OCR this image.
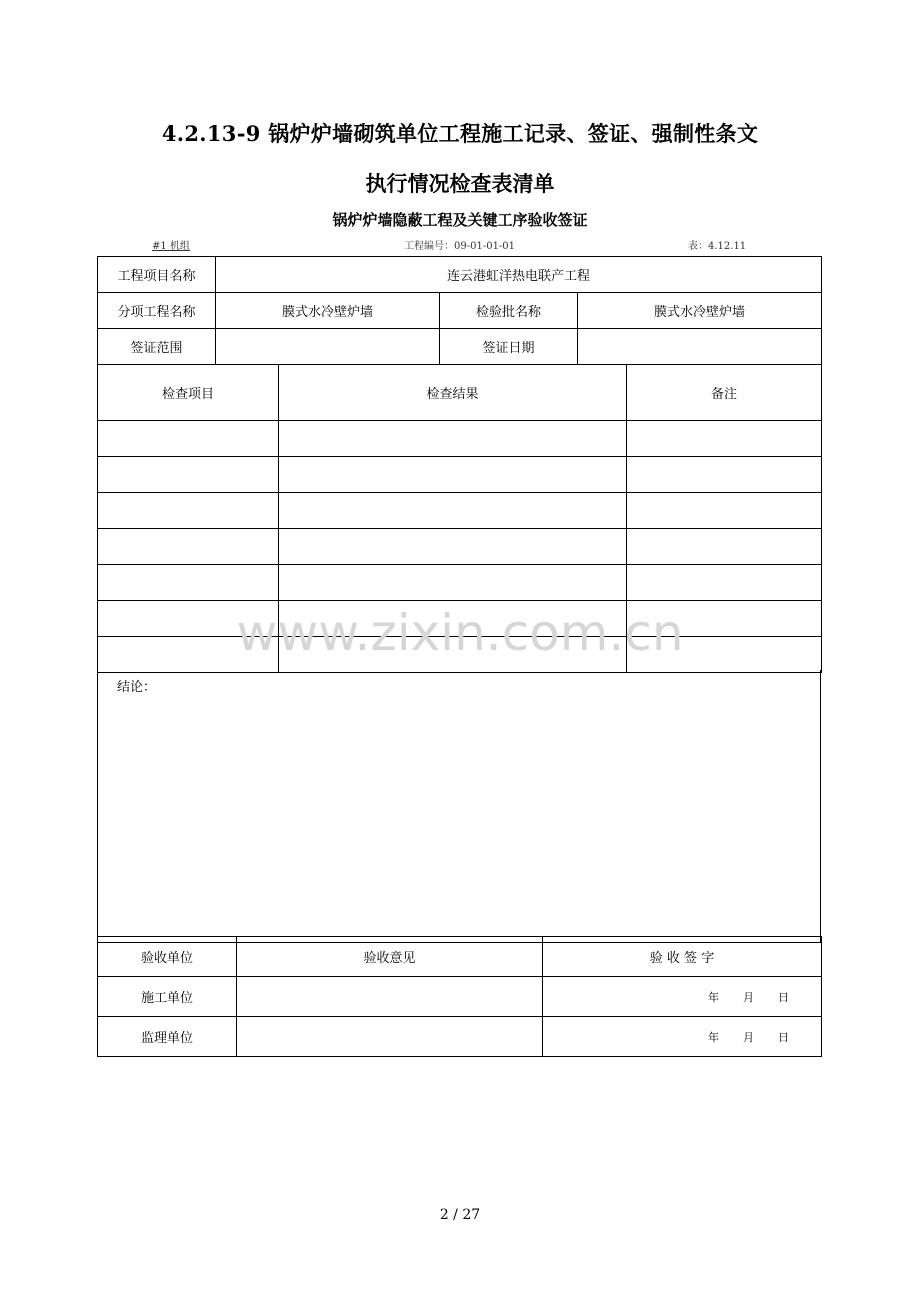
4.2.13-9 锅炉炉墙砌筑单位工程施工记录、签证、强制性条文
执行情况检查表清单
锅炉炉墙隐蔽工程及关键工序验收签证
#1 机组	工程编号：09-01-01-01	表：4.12.11
工程项目名称	连云港虹洋热电联产工程		
分项工程名称	膜式水冷壁炉墙	检验批名称	膜式水冷壁炉墙
签证范围		签证日期	
检查项目	检查结果	备注

结论：
验收单位	验收意见	验 收 签 字
施工单位		年 月 日
监理单位		年 月 日
www.zixin.com.cn
2 / 27
